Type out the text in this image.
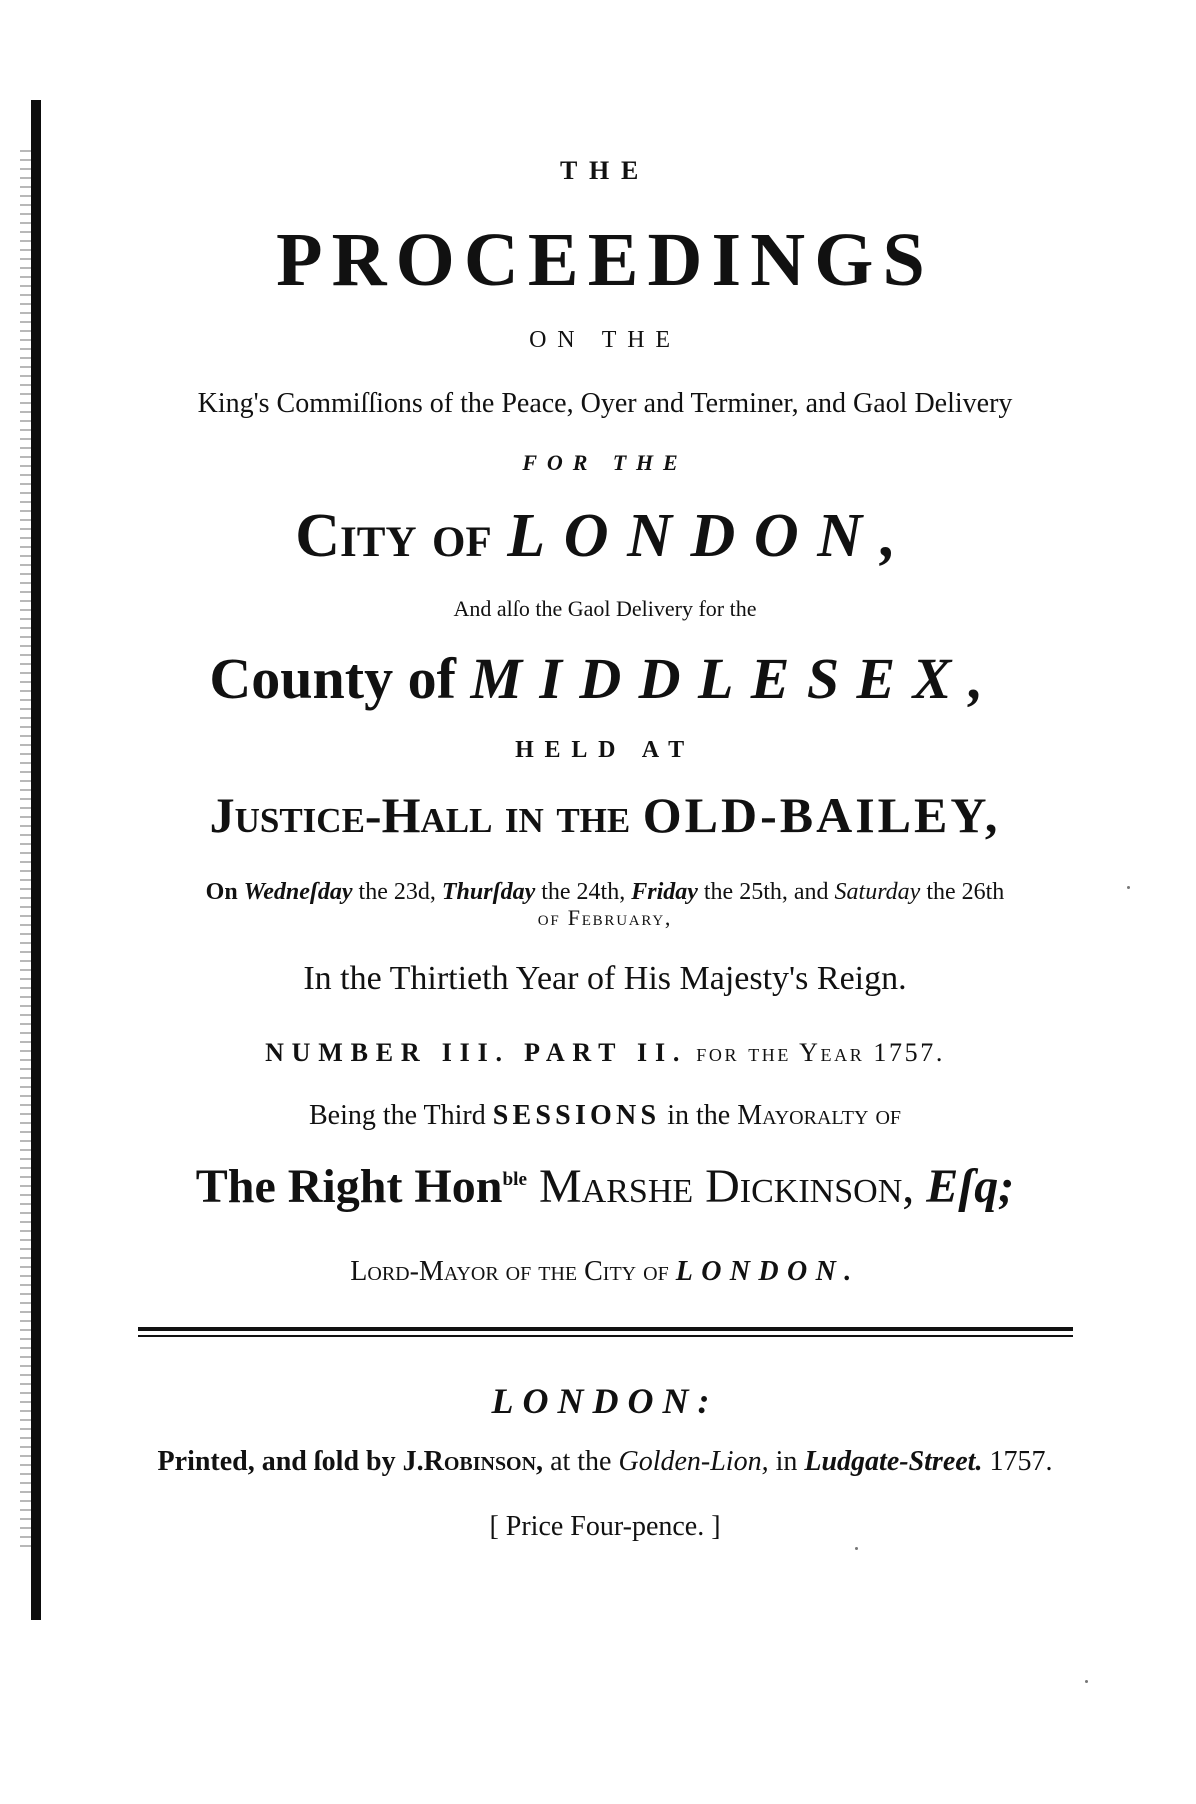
THE
PROCEEDINGS
ON THE
King's Commiſſions of the Peace, Oyer and Terminer, and Gaol Delivery
FOR THE
City of LONDON,
And alſo the Gaol Delivery for the
County of MIDDLESEX,
HELD AT
Justice-Hall in the OLD-BAILEY,
On Wedneſday the 23d, Thurſday the 24th, Friday the 25th, and Saturday the 26th
of February,
In the Thirtieth Year of His Majesty's Reign.
NUMBER III. PART II. for the Year 1757.
Being the Third SESSIONS in the Mayoralty of
The Right Hon$^{ble}$ Marshe Dickinson, Eſq;
Lord-Mayor of the City of LONDON.
LONDON:
Printed, and ſold by J.Robinson, at the Golden-Lion, in Ludgate-Street. 1757.
[ Price Four-pence. ]
